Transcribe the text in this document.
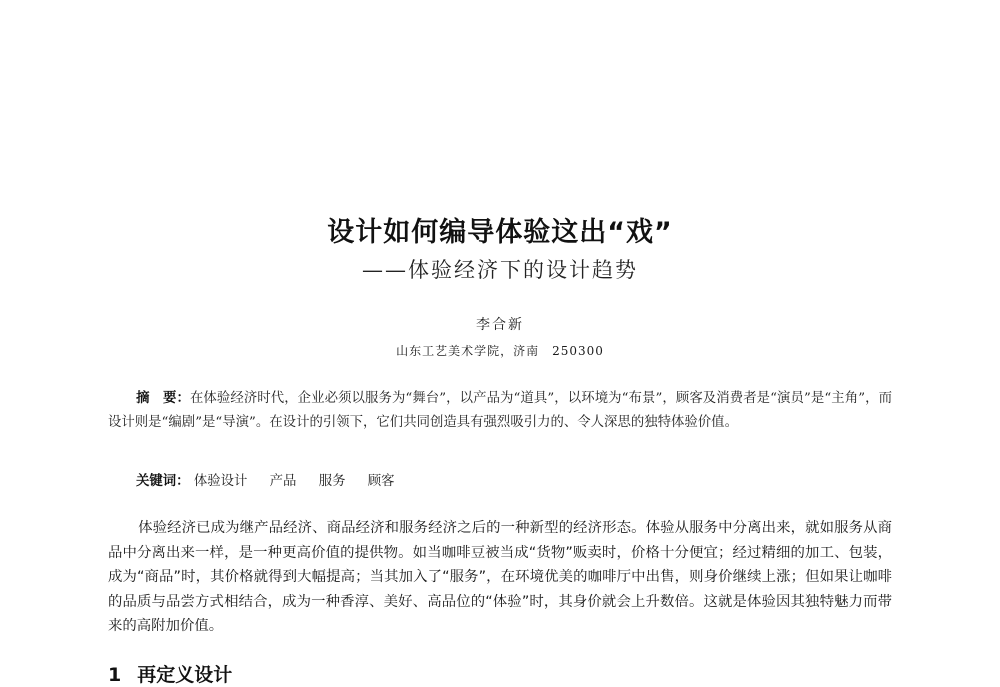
设计如何编导体验这出“戏”
——体验经济下的设计趋势
李合新
山东工艺美术学院，济南　250300
摘　要：在体验经济时代，企业必须以服务为“舞台”，以产品为“道具”，以环境为“布景”，顾客及消费者是“演员”是“主角”，而设计则是“编剧”是“导演”。在设计的引领下，它们共同创造具有强烈吸引力的、令人深思的独特体验价值。
关键词： 体验设计 产品 服务 顾客
体验经济已成为继产品经济、商品经济和服务经济之后的一种新型的经济形态。体验从服务中分离出来，就如服务从商品中分离出来一样，是一种更高价值的提供物。如当咖啡豆被当成“货物”贩卖时，价格十分便宜；经过精细的加工、包装，成为“商品”时，其价格就得到大幅提高；当其加入了“服务”，在环境优美的咖啡厅中出售，则身价继续上涨；但如果让咖啡的品质与品尝方式相结合，成为一种香淳、美好、高品位的“体验”时，其身价就会上升数倍。这就是体验因其独特魅力而带来的高附加价值。
1 再定义设计
